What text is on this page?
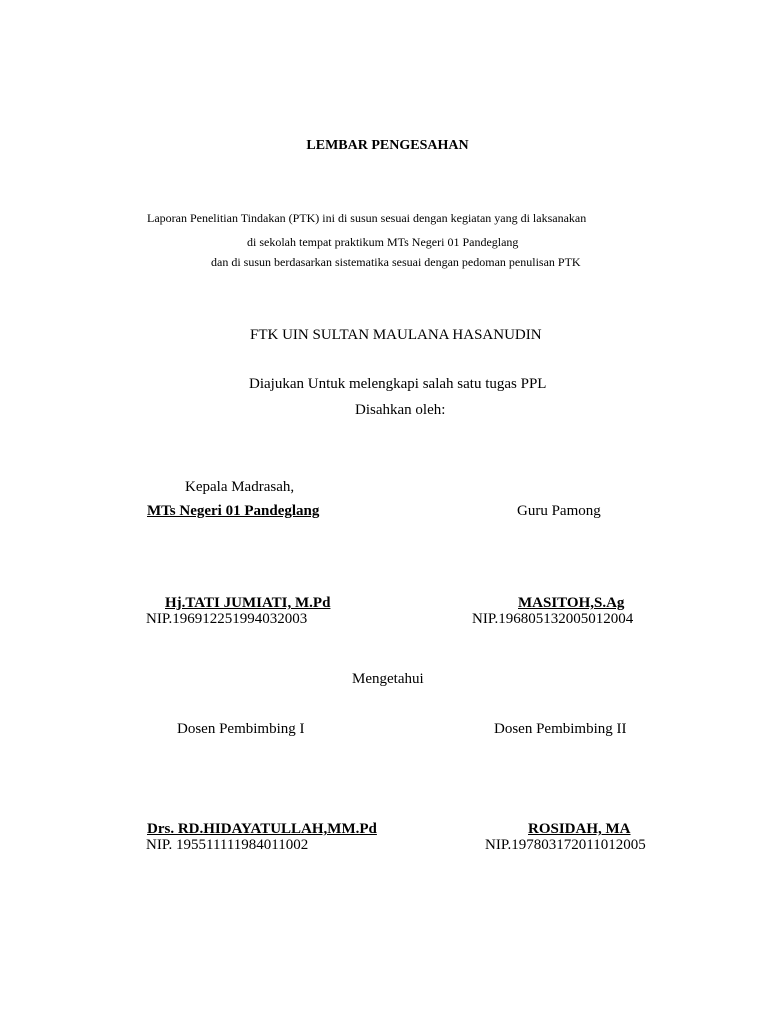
LEMBAR PENGESAHAN
Laporan Penelitian Tindakan (PTK) ini di susun sesuai dengan kegiatan yang di laksanakan
di sekolah tempat praktikum MTs Negeri 01 Pandeglang
dan di susun berdasarkan sistematika sesuai dengan pedoman penulisan PTK
FTK UIN SULTAN MAULANA HASANUDIN
Diajukan Untuk melengkapi salah satu tugas PPL
Disahkan oleh:
Kepala Madrasah,
MTs Negeri 01 Pandeglang	Guru Pamong
Hj.TATI JUMIATI, M.Pd
NIP.196912251994032003
MASITOH,S.Ag
NIP.196805132005012004
Mengetahui
Dosen Pembimbing I	Dosen Pembimbing II
Drs. RD.HIDAYATULLAH,MM.Pd
NIP. 195511111984011002
ROSIDAH, MA
NIP.197803172011012005
